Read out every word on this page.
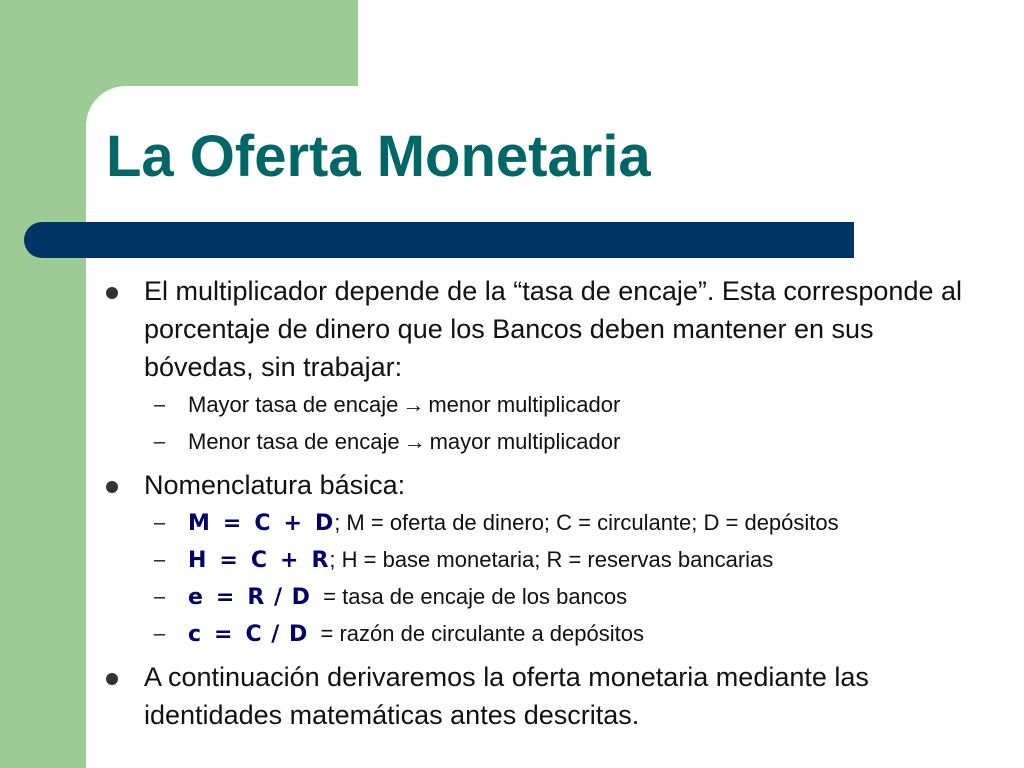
La Oferta Monetaria
El multiplicador depende de la “tasa de encaje”. Esta corresponde al porcentaje de dinero que los Bancos deben mantener en sus bóvedas, sin trabajar:
– Mayor tasa de encaje → menor multiplicador
– Menor tasa de encaje → mayor multiplicador
Nomenclatura básica:
– M = C + D; M = oferta de dinero; C = circulante; D = depósitos
– H = C + R; H = base monetaria; R = reservas bancarias
– e = R / D = tasa de encaje de los bancos
– c = C / D = razón de circulante a depósitos
A continuación derivaremos la oferta monetaria mediante las identidades matemáticas antes descritas.
